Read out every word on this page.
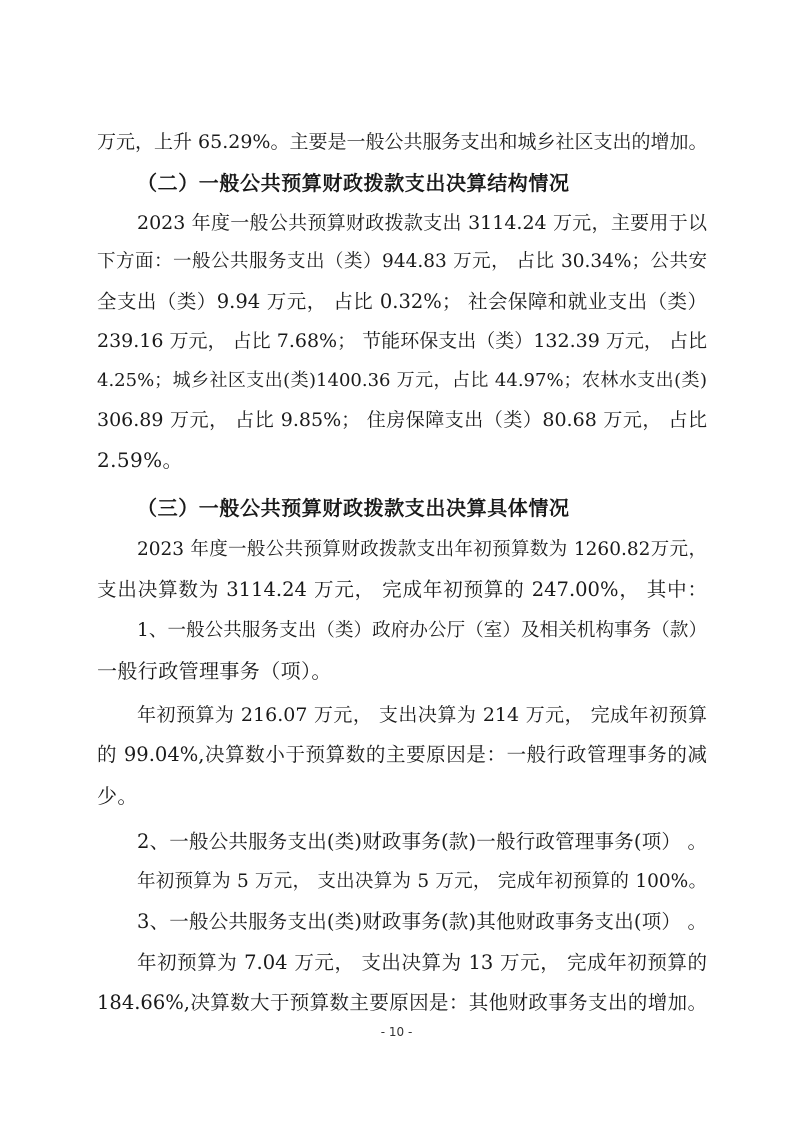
万元，上升 65.29%。主要是一般公共服务支出和城乡社区支出的增加。
（二）一般公共预算财政拨款支出决算结构情况
2023 年度一般公共预算财政拨款支出 3114.24 万元，主要用于以
下方面：一般公共服务支出（类）944.83 万元， 占比 30.34%；公共安
全支出（类）9.94 万元， 占比 0.32%； 社会保障和就业支出（类）
239.16 万元， 占比 7.68%； 节能环保支出（类）132.39 万元， 占比
4.25%；城乡社区支出(类)1400.36 万元，占比 44.97%；农林水支出(类)
306.89 万元， 占比 9.85%； 住房保障支出（类）80.68 万元， 占比
2.59%。
（三）一般公共预算财政拨款支出决算具体情况
2023 年度一般公共预算财政拨款支出年初预算数为 1260.82万元，
支出决算数为 3114.24 万元， 完成年初预算的 247.00%， 其中：
1、一般公共服务支出（类）政府办公厅（室）及相关机构事务（款）
一般行政管理事务（项）。
年初预算为 216.07 万元， 支出决算为 214 万元， 完成年初预算
的 99.04%,决算数小于预算数的主要原因是：一般行政管理事务的减
少。
2、一般公共服务支出(类)财政事务(款)一般行政管理事务(项） 。
年初预算为 5 万元， 支出决算为 5 万元， 完成年初预算的 100%。
3、一般公共服务支出(类)财政事务(款)其他财政事务支出(项） 。
年初预算为 7.04 万元， 支出决算为 13 万元， 完成年初预算的
184.66%,决算数大于预算数主要原因是：其他财政事务支出的增加。
- 10 -
